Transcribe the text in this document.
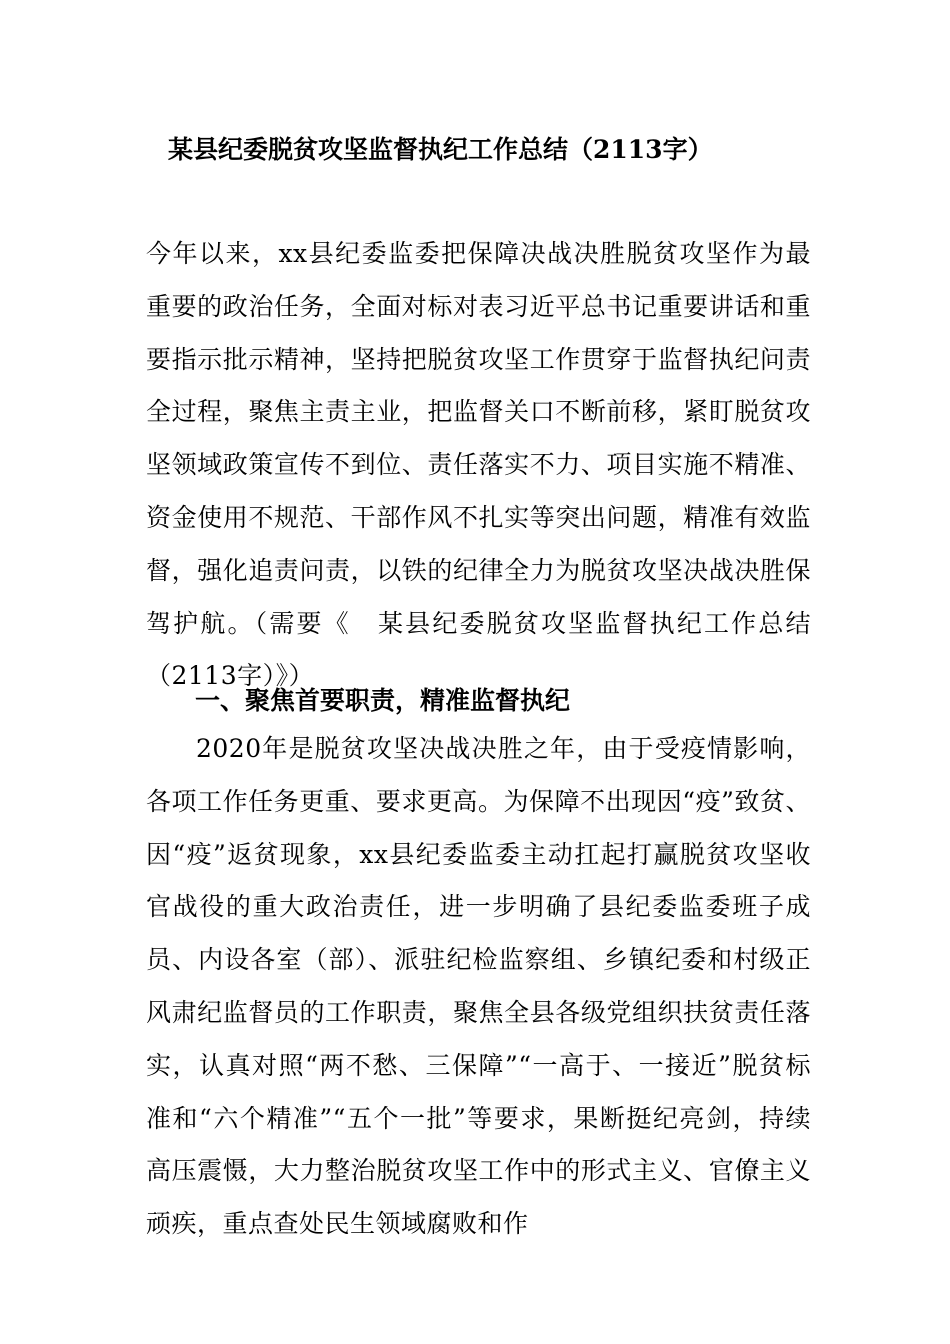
某县纪委脱贫攻坚监督执纪工作总结（2113字）

今年以来，xx县纪委监委把保障决战决胜脱贫攻坚作为最重要的政治任务，全面对标对表习近平总书记重要讲话和重要指示批示精神，坚持把脱贫攻坚工作贯穿于监督执纪问责全过程，聚焦主责主业，把监督关口不断前移，紧盯脱贫攻坚领域政策宣传不到位、责任落实不力、项目实施不精准、资金使用不规范、干部作风不扎实等突出问题，精准有效监督，强化追责问责，以铁的纪律全力为脱贫攻坚决战决胜保驾护航。（需要《　某县纪委脱贫攻坚监督执纪工作总结（2113字）》）

一、聚焦首要职责，精准监督执纪

2020年是脱贫攻坚决战决胜之年，由于受疫情影响，各项工作任务更重、要求更高。为保障不出现因“疫”致贫、因“疫”返贫现象，xx县纪委监委主动扛起打赢脱贫攻坚收官战役的重大政治责任，进一步明确了县纪委监委班子成员、内设各室（部）、派驻纪检监察组、乡镇纪委和村级正风肃纪监督员的工作职责，聚焦全县各级党组织扶贫责任落实，认真对照“两不愁、三保障”“一高于、一接近”脱贫标准和“六个精准”“五个一批”等要求，果断挺纪亮剑，持续高压震慑，大力整治脱贫攻坚工作中的形式主义、官僚主义顽疾，重点查处民生领域腐败和作
